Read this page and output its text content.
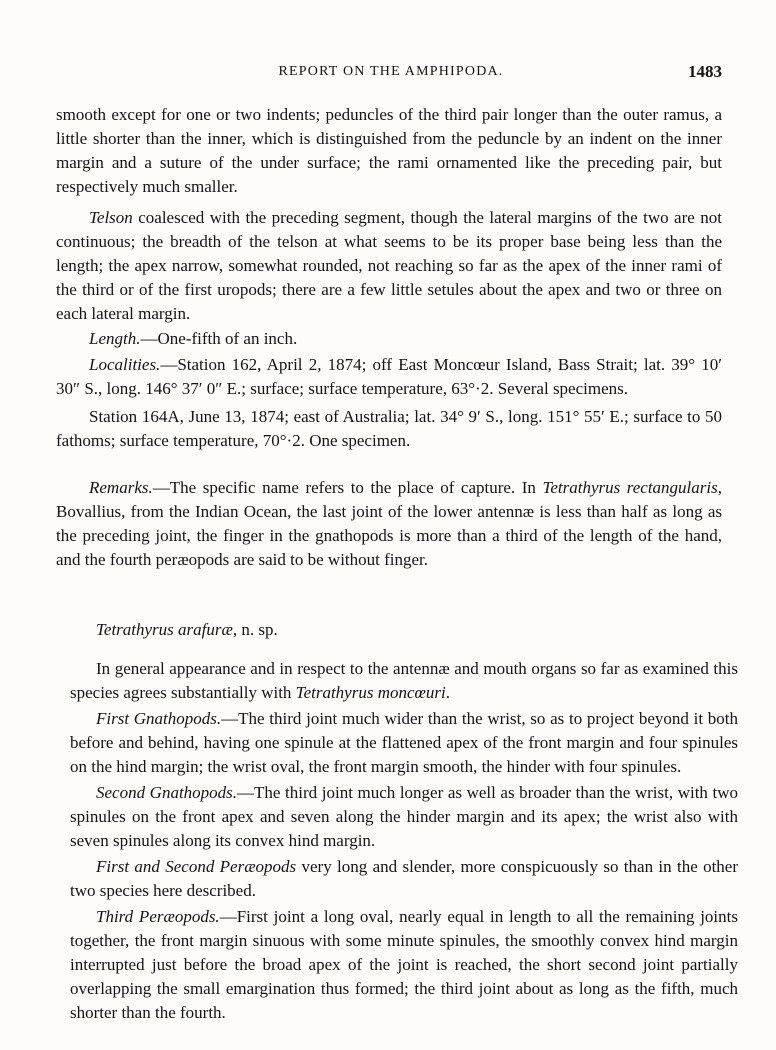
REPORT ON THE AMPHIPODA.	1483

smooth except for one or two indents; peduncles of the third pair longer than the outer ramus, a little shorter than the inner, which is distinguished from the peduncle by an indent on the inner margin and a suture of the under surface; the rami ornamented like the preceding pair, but respectively much smaller.

Telson coalesced with the preceding segment, though the lateral margins of the two are not continuous; the breadth of the telson at what seems to be its proper base being less than the length; the apex narrow, somewhat rounded, not reaching so far as the apex of the inner rami of the third or of the first uropods; there are a few little setules about the apex and two or three on each lateral margin.

Length.—One-fifth of an inch.

Localities.—Station 162, April 2, 1874; off East Moncœur Island, Bass Strait; lat. 39° 10′ 30″ S., long. 146° 37′ 0″ E.; surface; surface temperature, 63°·2. Several specimens.

Station 164A, June 13, 1874; east of Australia; lat. 34° 9′ S., long. 151° 55′ E.; surface to 50 fathoms; surface temperature, 70°·2. One specimen.

Remarks.—The specific name refers to the place of capture. In Tetrathyrus rectangularis, Bovallius, from the Indian Ocean, the last joint of the lower antennæ is less than half as long as the preceding joint, the finger in the gnathopods is more than a third of the length of the hand, and the fourth peræopods are said to be without finger.

Tetrathyrus arafuræ, n. sp.

In general appearance and in respect to the antennæ and mouth organs so far as examined this species agrees substantially with Tetrathyrus moncœuri.

First Gnathopods.—The third joint much wider than the wrist, so as to project beyond it both before and behind, having one spinule at the flattened apex of the front margin and four spinules on the hind margin; the wrist oval, the front margin smooth, the hinder with four spinules.

Second Gnathopods.—The third joint much longer as well as broader than the wrist, with two spinules on the front apex and seven along the hinder margin and its apex; the wrist also with seven spinules along its convex hind margin.

First and Second Peræopods very long and slender, more conspicuously so than in the other two species here described.

Third Peræopods.—First joint a long oval, nearly equal in length to all the remaining joints together, the front margin sinuous with some minute spinules, the smoothly convex hind margin interrupted just before the broad apex of the joint is reached, the short second joint partially overlapping the small emargination thus formed; the third joint about as long as the fifth, much shorter than the fourth.
